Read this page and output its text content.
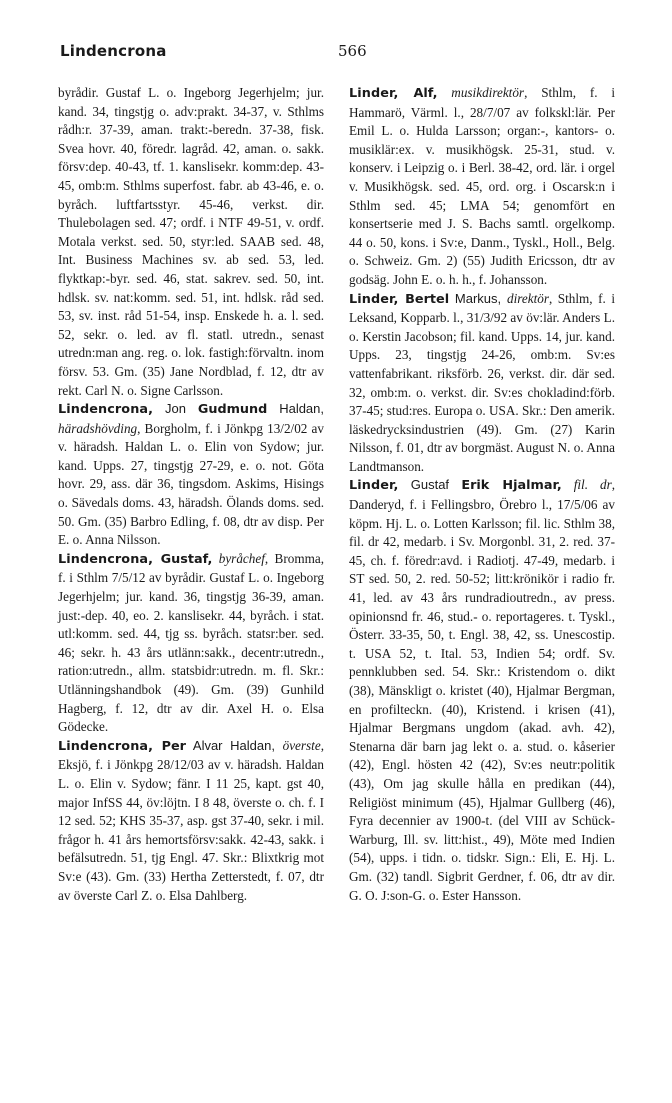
Lindencrona	566

byrådir. Gustaf L. o. Ingeborg Jegerhjelm; jur. kand. 34, tingstjg o. adv:prakt. 34-37, v. Sthlms rådh:r. 37-39, aman. trakt:-beredn. 37-38, fisk. Svea hovr. 40, föredr. lagråd. 42, aman. o. sakk. försv:dep. 40-43, tf. 1. kanslisekr. komm:dep. 43-45, omb:m. Sthlms superfost. fabr. ab 43-46, e. o. byråch. luftfartsstyr. 45-46, verkst. dir. Thulebolagen sed. 47; ordf. i NTF 49-51, v. ordf. Motala verkst. sed. 50, styr:led. SAAB sed. 48, Int. Business Machines sv. ab sed. 53, led. flyktkap:-byr. sed. 46, stat. sakrev. sed. 50, int. hdlsk. sv. nat:komm. sed. 51, int. hdlsk. råd sed. 53, sv. inst. råd 51-54, insp. Enskede h. a. l. sed. 52, sekr. o. led. av fl. statl. utredn., senast utredn:man ang. reg. o. lok. fastigh:förvaltn. inom försv. 53. Gm. (35) Jane Nordblad, f. 12, dtr av rekt. Carl N. o. Signe Carlsson.

Lindencrona, Jon Gudmund Haldan, häradshövding, Borgholm, f. i Jönkpg 13/2/02 av v. häradsh. Haldan L. o. Elin von Sydow; jur. kand. Upps. 27, tingstjg 27-29, e. o. not. Göta hovr. 29, ass. där 36, tingsdom. Askims, Hisings o. Sävedals doms. 43, häradsh. Ölands doms. sed. 50. Gm. (35) Barbro Edling, f. 08, dtr av disp. Per E. o. Anna Nilsson.

Lindencrona, Gustaf, byråchef, Bromma, f. i Sthlm 7/5/12 av byrådir. Gustaf L. o. Ingeborg Jegerhjelm; jur. kand. 36, tingstjg 36-39, aman. just:-dep. 40, eo. 2. kanslisekr. 44, byråch. i stat. utl:komm. sed. 44, tjg ss. byråch. statsr:ber. sed. 46; sekr. h. 43 års utlänn:sakk., decentr:utredn., ration:utredn., allm. statsbidr:utredn. m. fl. Skr.: Utlänningshandbok (49). Gm. (39) Gunhild Hagberg, f. 12, dtr av dir. Axel H. o. Elsa Gödecke.

Lindencrona, Per Alvar Haldan, överste, Eksjö, f. i Jönkpg 28/12/03 av v. häradsh. Haldan L. o. Elin v. Sydow; fänr. I 11 25, kapt. gst 40, major InfSS 44, öv:löjtn. I 8 48, överste o. ch. f. I 12 sed. 52; KHS 35-37, asp. gst 37-40, sekr. i mil. frågor h. 41 års hemortsförsv:sakk. 42-43, sakk. i befälsutredn. 51, tjg Engl. 47. Skr.: Blixtkrig mot Sv:e (43). Gm. (33) Hertha Zetterstedt, f. 07, dtr av överste Carl Z. o. Elsa Dahlberg.

Linder, Alf, musikdirektör, Sthlm, f. i Hammarö, Värml. l., 28/7/07 av folkskl:lär. Per Emil L. o. Hulda Larsson; organ:-, kantors- o. musiklär:ex. v. musikhögsk. 25-31, stud. v. konserv. i Leipzig o. i Berl. 38-42, ord. lär. i orgel v. Musikhögsk. sed. 45, ord. org. i Oscarsk:n i Sthlm sed. 45; LMA 54; genomfört en konsertserie med J. S. Bachs samtl. orgelkomp. 44 o. 50, kons. i Sv:e, Danm., Tyskl., Holl., Belg. o. Schweiz. Gm. 2) (55) Judith Ericsson, dtr av godsäg. John E. o. h. h., f. Johansson.

Linder, Bertel Markus, direktör, Sthlm, f. i Leksand, Kopparb. l., 31/3/92 av öv:lär. Anders L. o. Kerstin Jacobson; fil. kand. Upps. 14, jur. kand. Upps. 23, tingstjg 24-26, omb:m. Sv:es vattenfabrikant. riksförb. 26, verkst. dir. där sed. 32, omb:m. o. verkst. dir. Sv:es chokladind:förb. 37-45; stud:res. Europa o. USA. Skr.: Den amerik. läskedrycksindustrien (49). Gm. (27) Karin Nilsson, f. 01, dtr av borgmäst. August N. o. Anna Landtmanson.

Linder, Gustaf Erik Hjalmar, fil. dr, Danderyd, f. i Fellingsbro, Örebro l., 17/5/06 av köpm. Hj. L. o. Lotten Karlsson; fil. lic. Sthlm 38, fil. dr 42, medarb. i Sv. Morgonbl. 31, 2. red. 37-45, ch. f. föredr:avd. i Radiotj. 47-49, medarb. i ST sed. 50, 2. red. 50-52; litt:krönikör i radio fr. 41, led. av 43 års rundradioutredn., av press. opinionsnd fr. 46, stud.- o. reportageres. t. Tyskl., Österr. 33-35, 50, t. Engl. 38, 42, ss. Unescostip. t. USA 52, t. Ital. 53, Indien 54; ordf. Sv. pennklubben sed. 54. Skr.: Kristendom o. dikt (38), Mänskligt o. kristet (40), Hjalmar Bergman, en profilteckn. (40), Kristend. i krisen (41), Hjalmar Bergmans ungdom (akad. avh. 42), Stenarna där barn jag lekt o. a. stud. o. kåserier (42), Engl. hösten 42 (42), Sv:es neutr:politik (43), Om jag skulle hålla en predikan (44), Religiöst minimum (45), Hjalmar Gullberg (46), Fyra decennier av 1900-t. (del VIII av Schück-Warburg, Ill. sv. litt:hist., 49), Möte med Indien (54), upps. i tidn. o. tidskr. Sign.: Eli, E. Hj. L. Gm. (32) tandl. Sigbrit Gerdner, f. 06, dtr av dir. G. O. J:son-G. o. Ester Hansson.
